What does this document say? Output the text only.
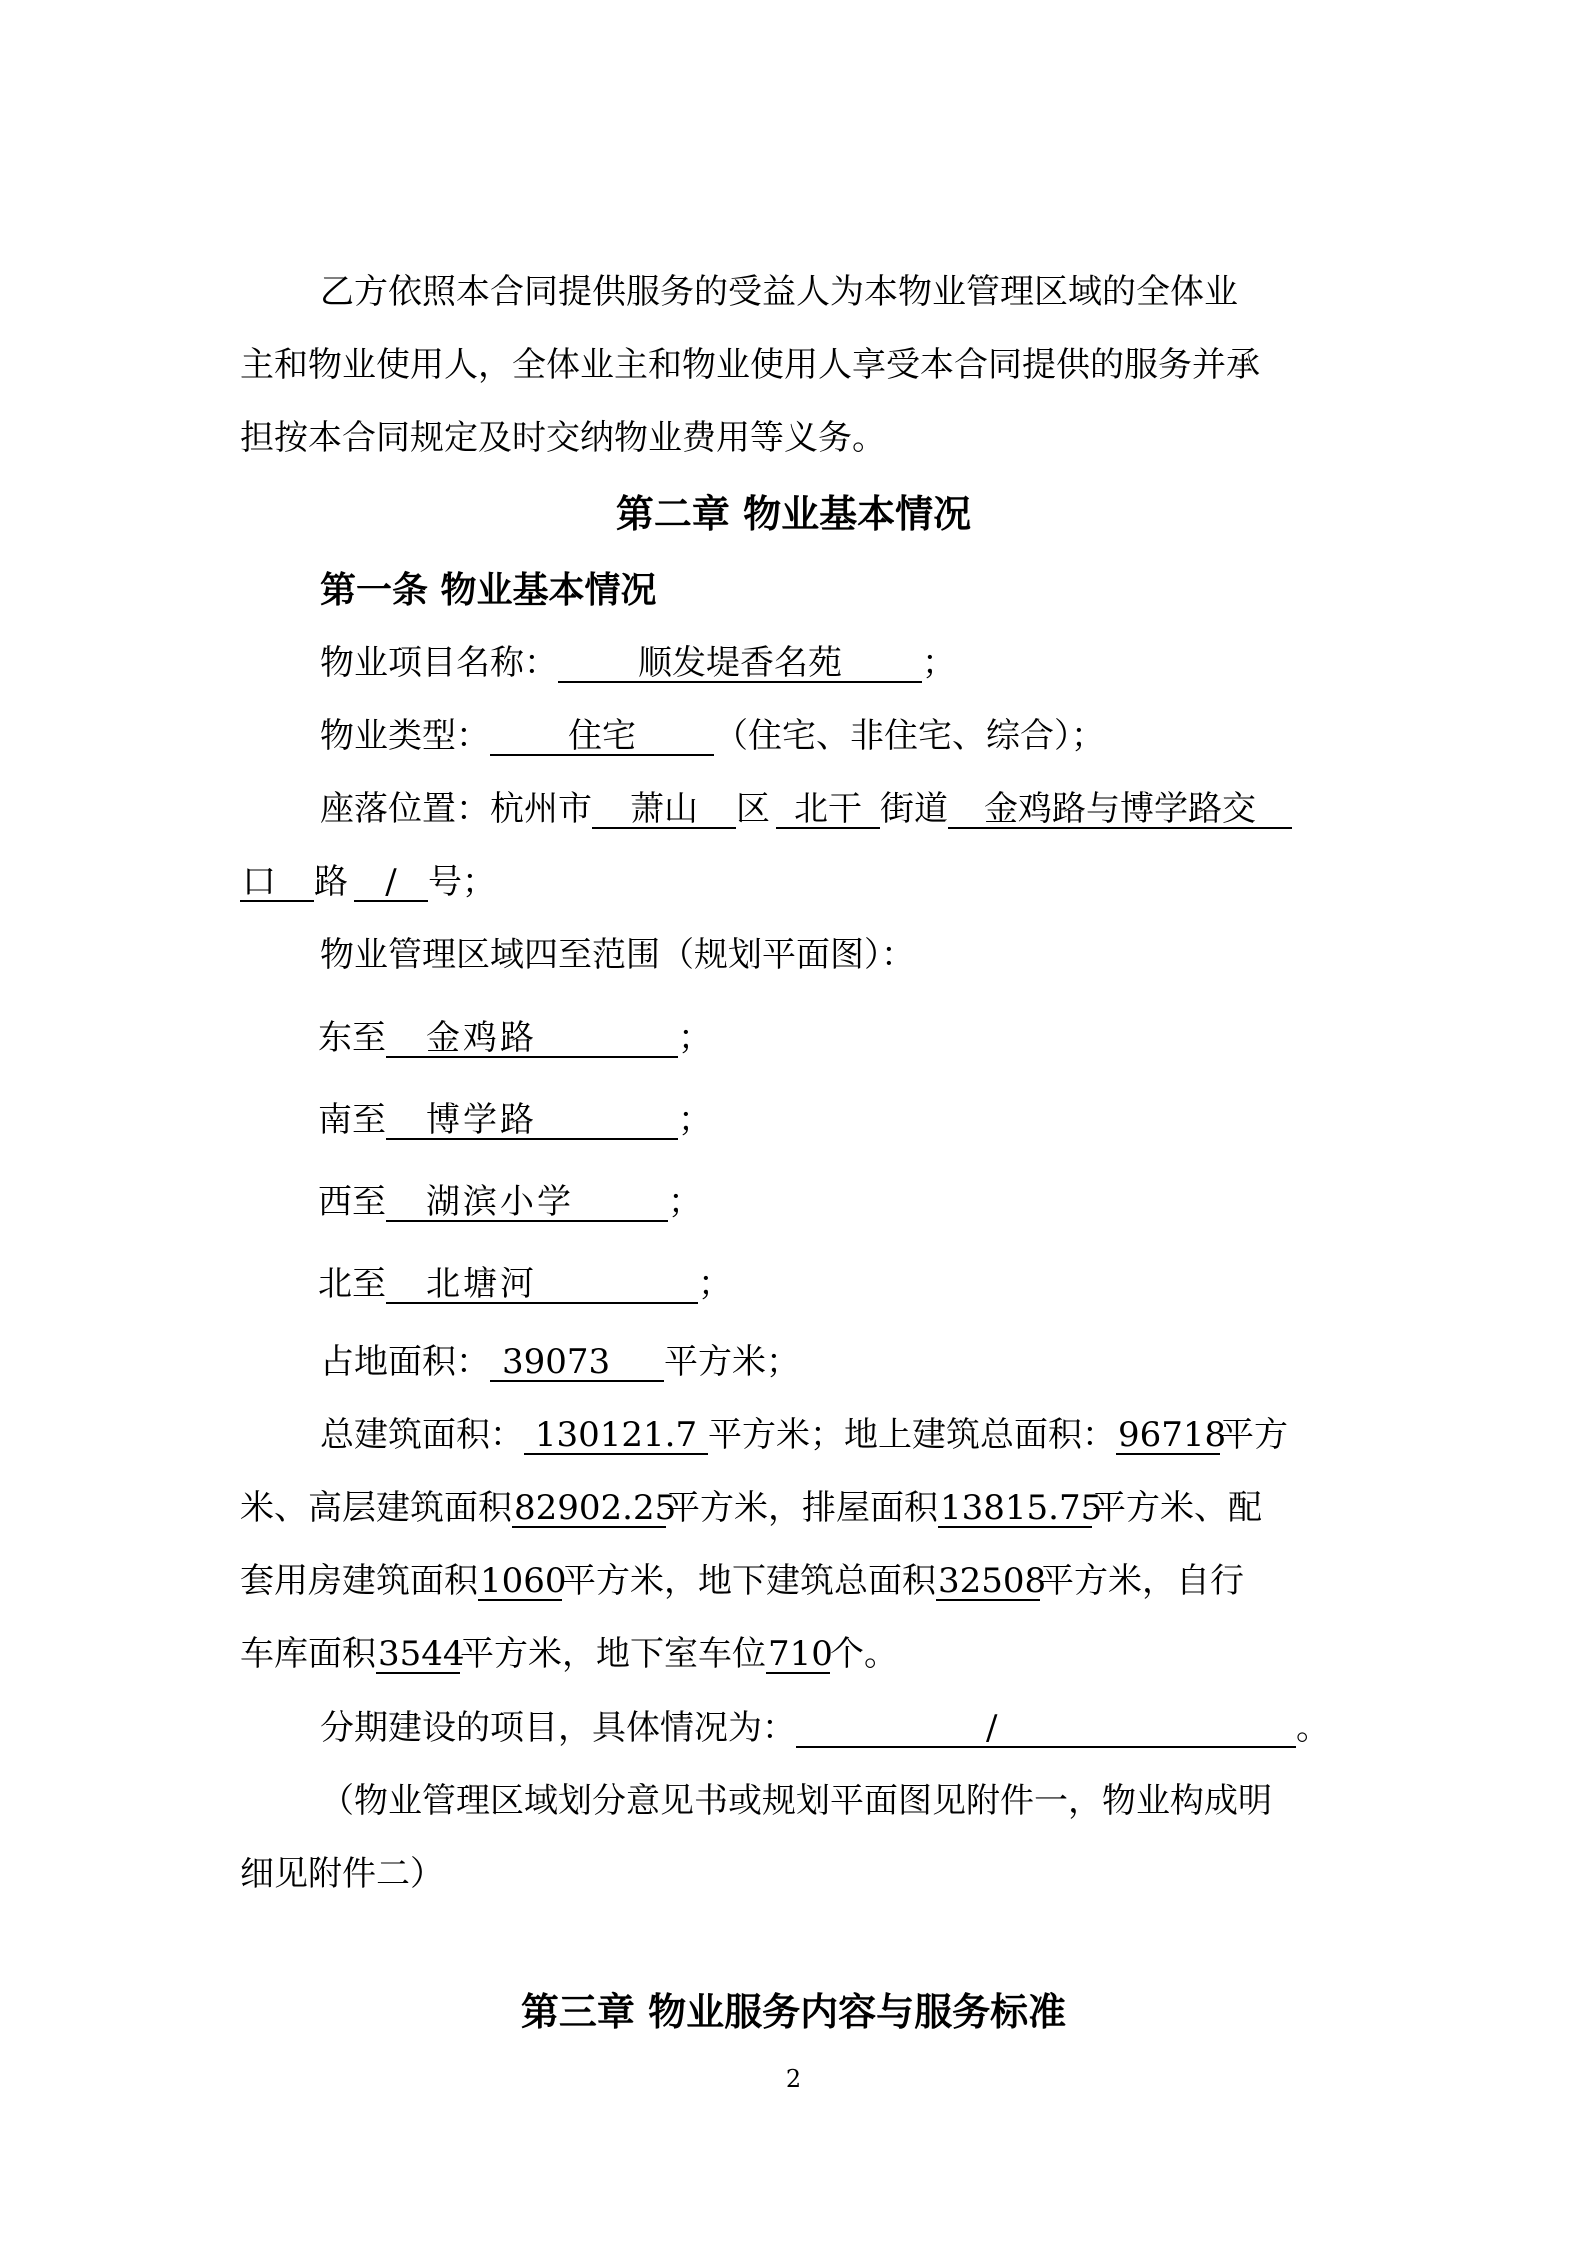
乙方依照本合同提供服务的受益人为本物业管理区域的全体业
主和物业使用人，全体业主和物业使用人享受本合同提供的服务并承
担按本合同规定及时交纳物业费用等义务。
第二章 物业基本情况
第一条 物业基本情况
物业项目名称： 顺发堤香名苑 ；
物业类型： 住宅 （住宅、非住宅、综合）；
座落位置：杭州市 萧山 区 北干 街道 金鸡路与博学路交
口 路 / 号；
物业管理区域四至范围（规划平面图）：
东至 金鸡路	；
南至 博学路	；
西至 湖滨小学	；
北至 北塘河	；
占地面积： 39073 平方米；
总建筑面积： 130121.7 平方米；地上建筑总面积：96718平方
米、高层建筑面积82902.25平方米，排屋面积13815.75平方米、配
套用房建筑面积1060平方米，地下建筑总面积32508平方米，自行
车库面积3544平方米，地下室车位710个。
分期建设的项目，具体情况为：	/	。
（物业管理区域划分意见书或规划平面图见附件一，物业构成明
细见附件二）
第三章 物业服务内容与服务标准
2
